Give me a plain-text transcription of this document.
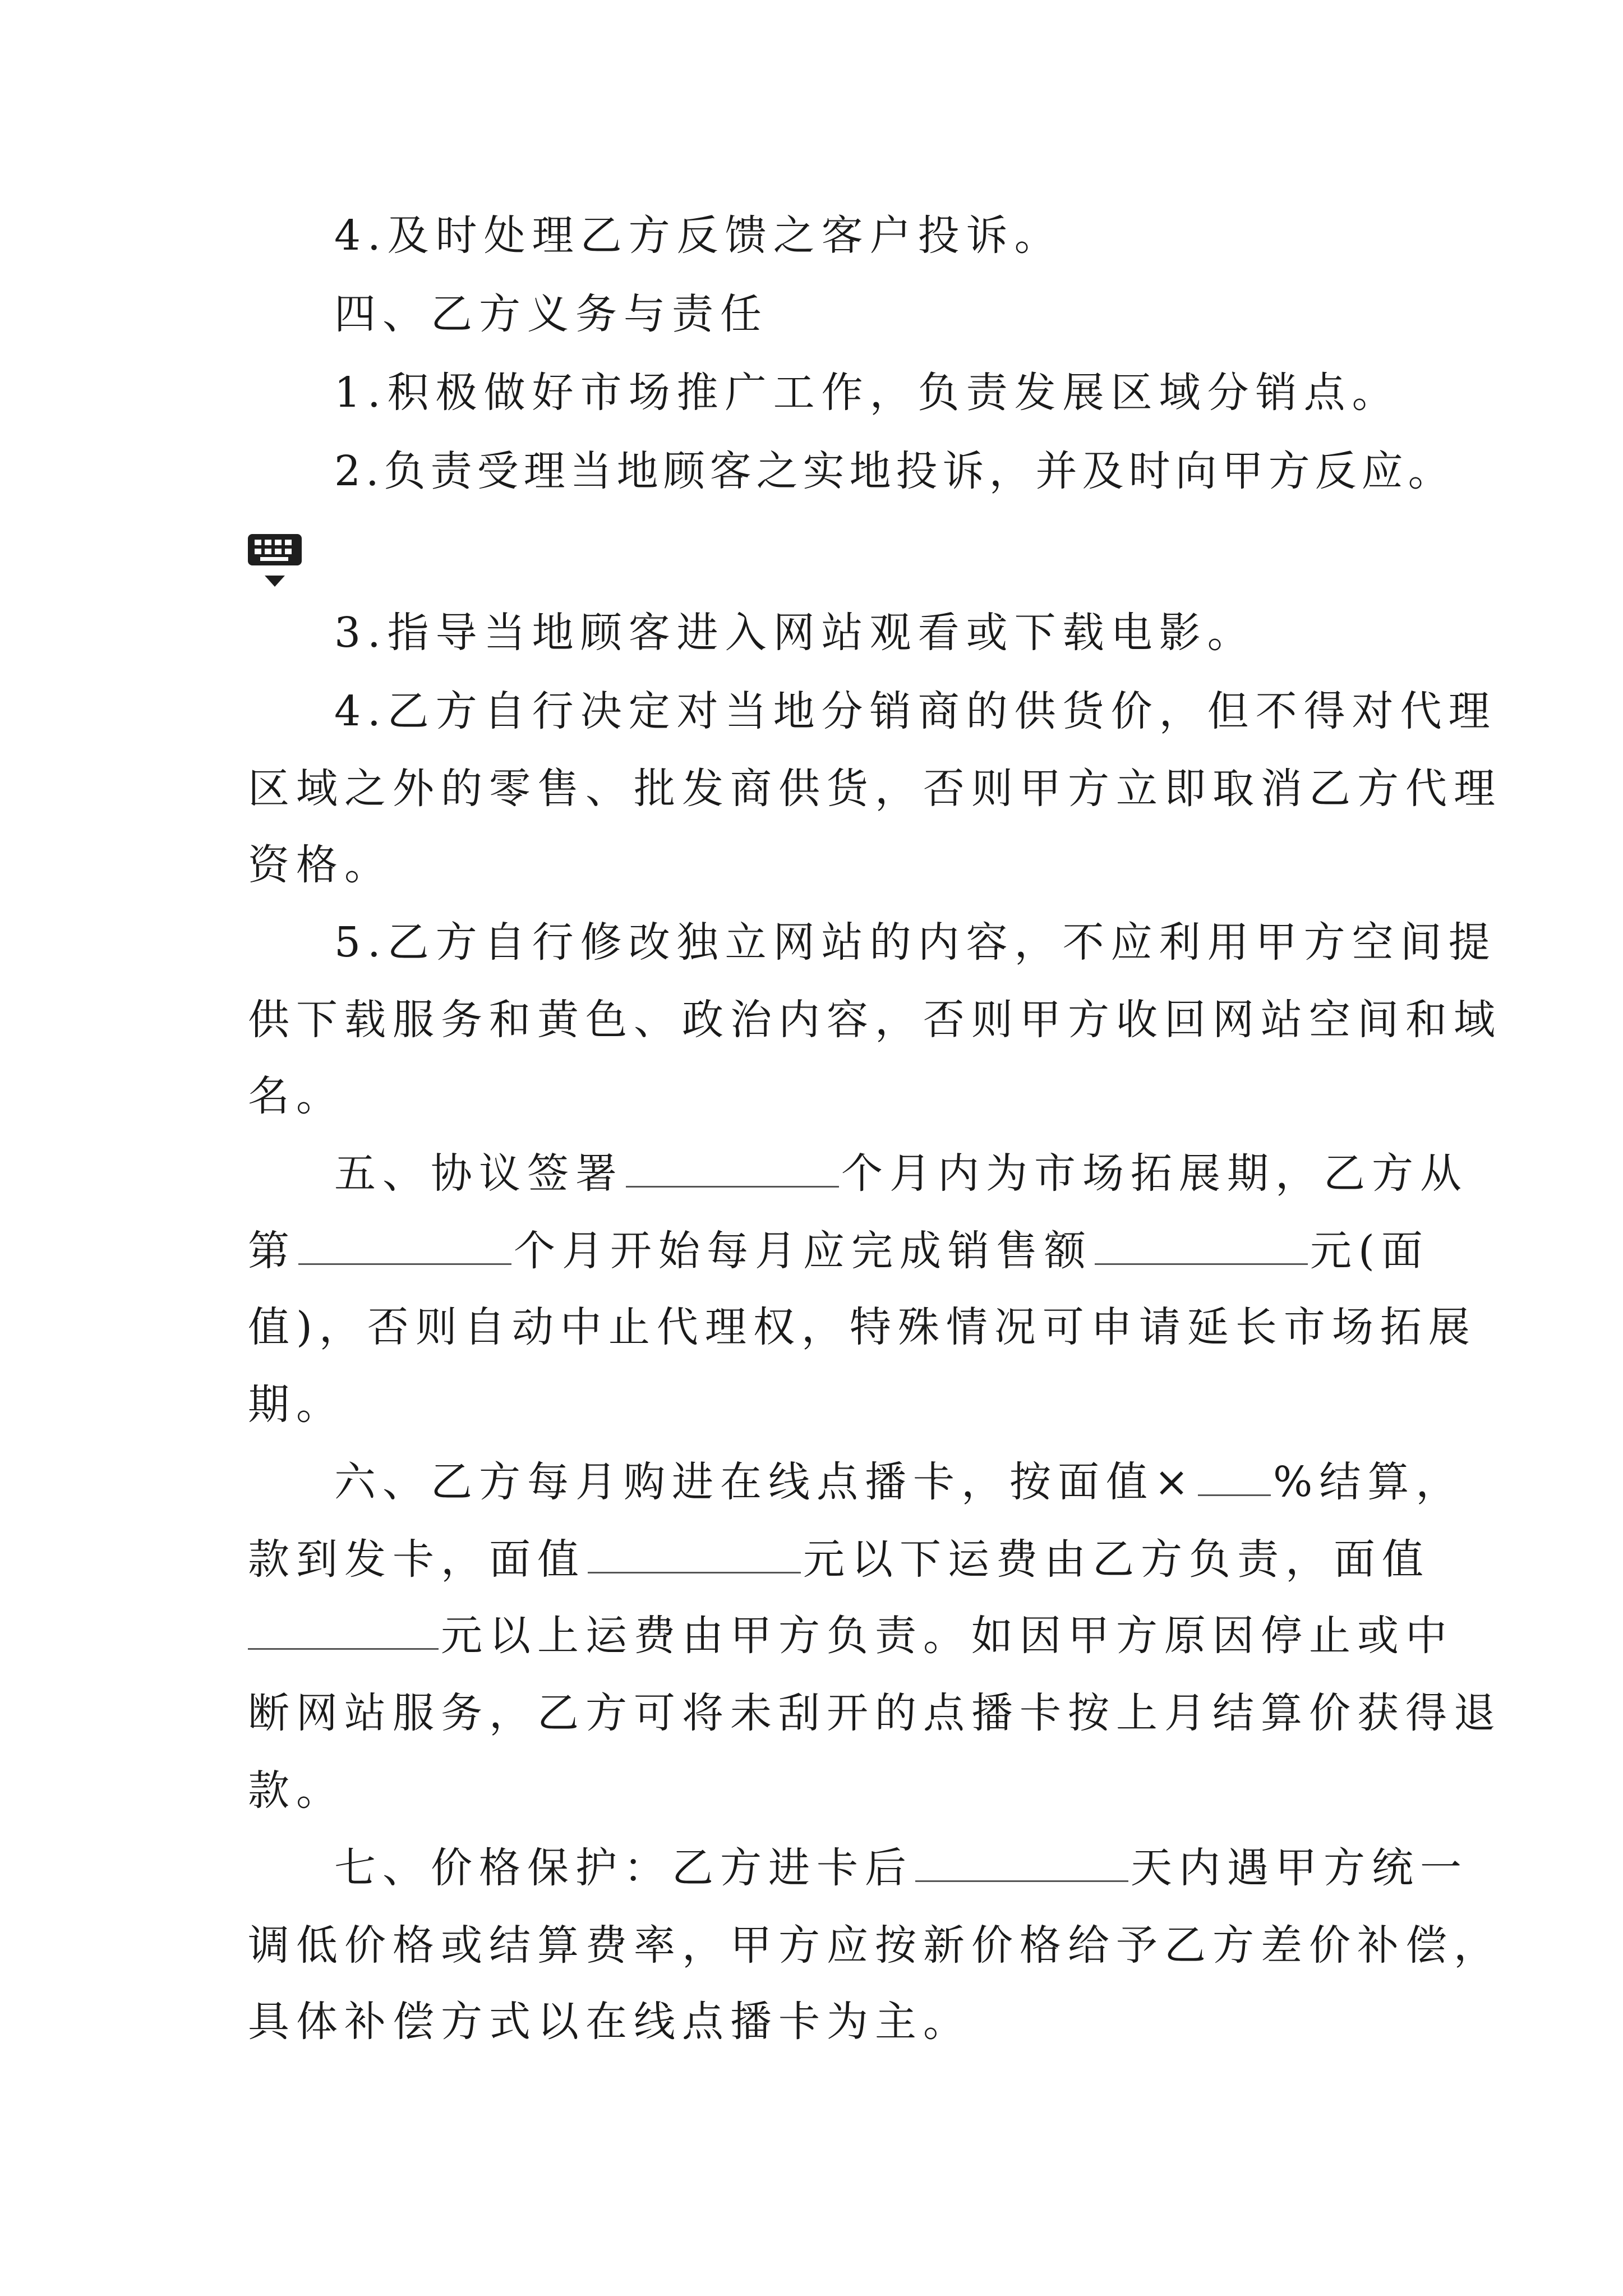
4.及时处理乙方反馈之客户投诉。
四、乙方义务与责任
1.积极做好市场推广工作，负责发展区域分销点。
2.负责受理当地顾客之实地投诉，并及时向甲方反应。
3.指导当地顾客进入网站观看或下载电影。
4.乙方自行决定对当地分销商的供货价，但不得对代理
区域之外的零售、批发商供货，否则甲方立即取消乙方代理
资格。
5.乙方自行修改独立网站的内容，不应利用甲方空间提
供下载服务和黄色、政治内容，否则甲方收回网站空间和域
名。
五、协议签署	个月内为市场拓展期，乙方从
第	个月开始每月应完成销售额	元(面
值)，否则自动中止代理权，特殊情况可申请延长市场拓展
期。
六、乙方每月购进在线点播卡，按面值× %结算，
款到发卡，面值	元以下运费由乙方负责，面值
元以上运费由甲方负责。如因甲方原因停止或中
断网站服务，乙方可将未刮开的点播卡按上月结算价获得退
款。
七、价格保护：乙方进卡后	天内遇甲方统一
调低价格或结算费率，甲方应按新价格给予乙方差价补偿，
具体补偿方式以在线点播卡为主。
